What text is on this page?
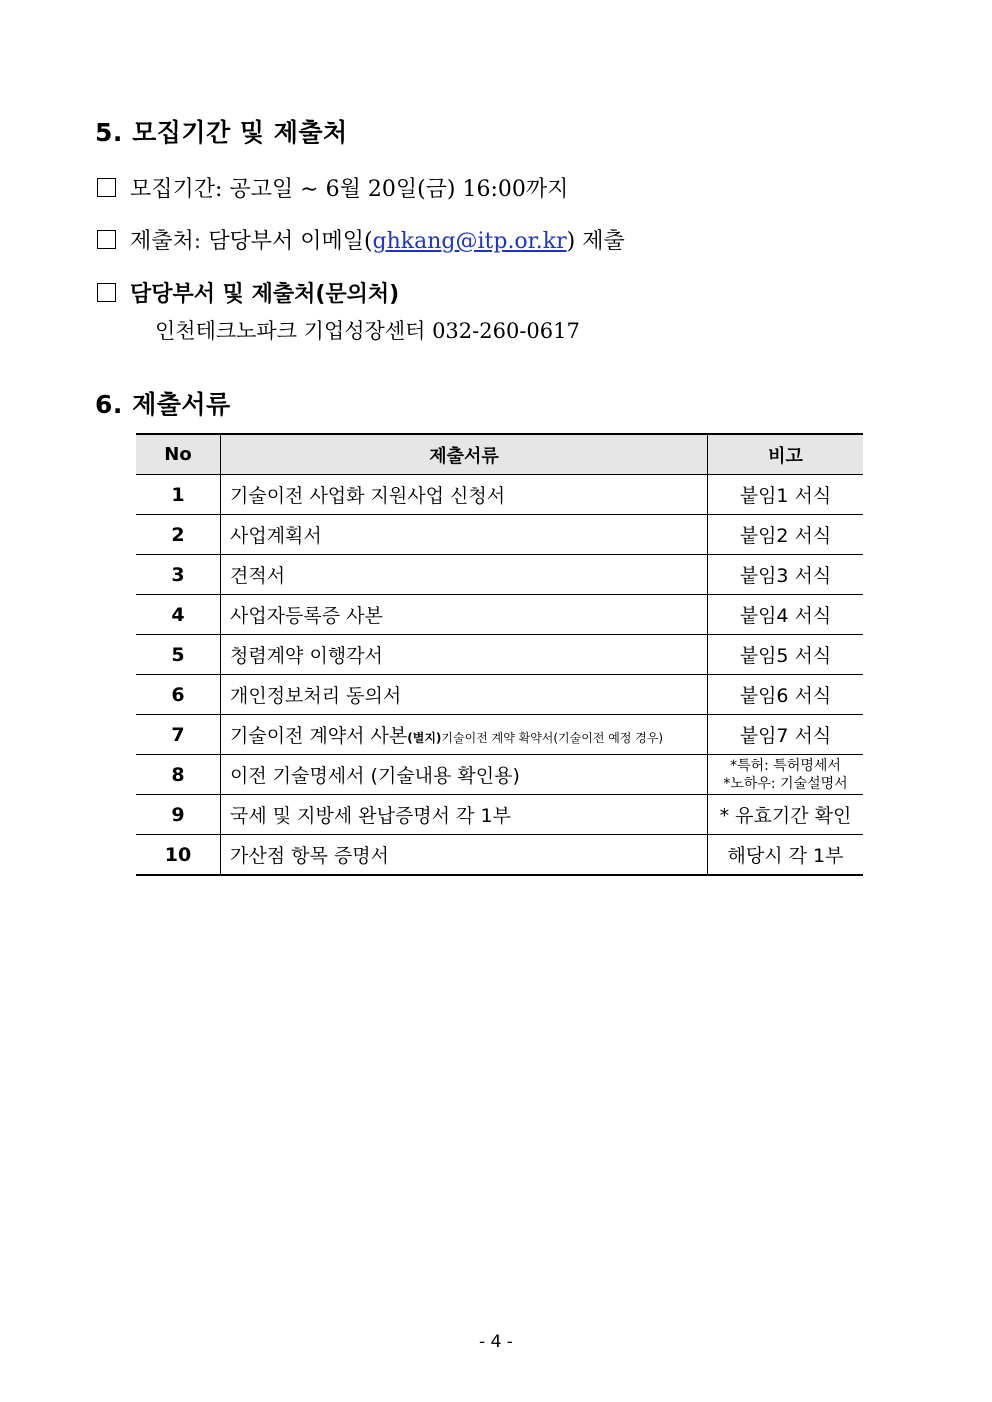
5. 모집기간 및 제출처
모집기간: 공고일 ∼ 6월 20일(금) 16:00까지
제출처: 담당부서 이메일(ghkang@itp.or.kr) 제출
담당부서 및 제출처(문의처)
인천테크노파크 기업성장센터 032-260-0617
6. 제출서류
No	제출서류	비고
1	기술이전 사업화 지원사업 신청서	붙임1 서식
2	사업계획서	붙임2 서식
3	견적서	붙임3 서식
4	사업자등록증 사본	붙임4 서식
5	청렴계약 이행각서	붙임5 서식
6	개인정보처리 동의서	붙임6 서식
7	기술이전 계약서 사본(별지)기술이전 계약 확약서(기술이전 예정 경우)	붙임7 서식
8	이전 기술명세서 (기술내용 확인용)	*특허: 특허명세서
*노하우: 기술설명서

9	국세 및 지방세 완납증명서 각 1부	* 유효기간 확인
10	가산점 항목 증명서	해당시 각 1부
- 4 -
